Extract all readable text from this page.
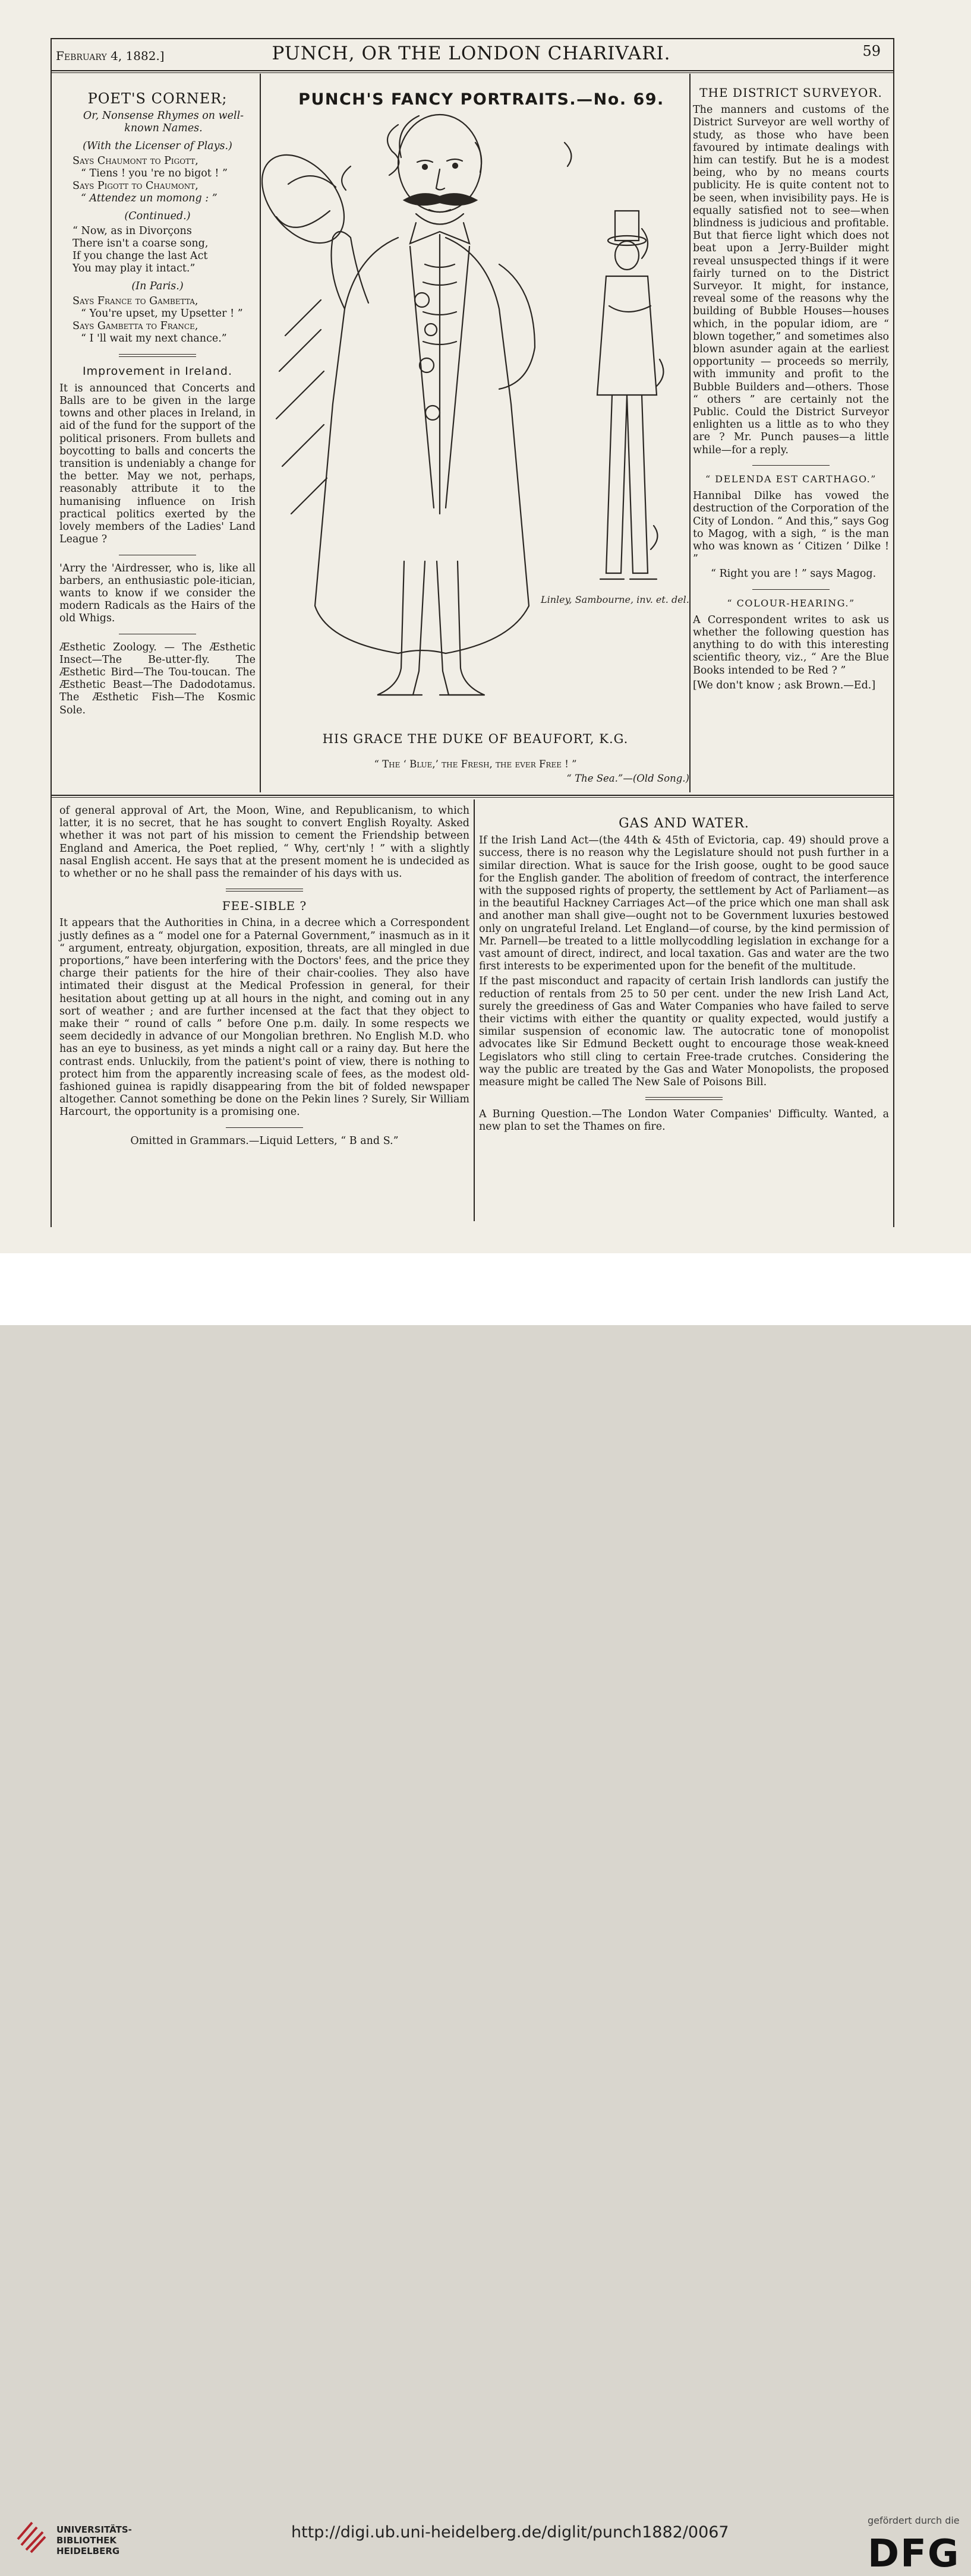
February 4, 1882.]	PUNCH, OR THE LONDON CHARIVARI.	59
POET'S CORNER;

Or, Nonsense Rhymes on well-known Names.

(With the Licenser of Plays.)

Says Chaumont to Pigott,

“ Tiens ! you 're no bigot ! ”

Says Pigott to Chaumont,

“ Attendez un momong : ”

(Continued.)

“ Now, as in Divorçons

There isn't a coarse song,

If you change the last Act

You may play it intact.”

(In Paris.)

Says France to Gambetta,

“ You're upset, my Upsetter ! ”

Says Gambetta to France,

“ I 'll wait my next chance.”

Improvement in Ireland.

It is announced that Concerts and Balls are to be given in the large towns and other places in Ireland, in aid of the fund for the support of the political prisoners. From bullets and boycotting to balls and concerts the transition is undeniably a change for the better. May we not, perhaps, reasonably attribute it to the humanising influence on Irish practical politics exerted by the lovely members of the Ladies' Land League ?

'Arry the 'Airdresser, who is, like all barbers, an enthusiastic pole-itician, wants to know if we consider the modern Radicals as the Hairs of the old Whigs.

Æsthetic Zoology. — The Æsthetic Insect—The Be-utter-fly. The Æsthetic Bird—The Tou-toucan. The Æsthetic Beast—The Dadodotamus. The Æsthetic Fish—The Kosmic Sole.

PUNCH'S FANCY PORTRAITS.—No. 69.
Linley, Sambourne, inv. et. del.
HIS GRACE THE DUKE OF BEAUFORT, K.G.
“ The ‘ Blue,’ the Fresh, the ever Free ! ”
“ The Sea.”—(Old Song.)
THE DISTRICT SURVEYOR.

The manners and customs of the District Surveyor are well worthy of study, as those who have been favoured by intimate dealings with him can testify. But he is a modest being, who by no means courts publicity. He is quite content not to be seen, when invisibility pays. He is equally satisfied not to see—when blindness is judicious and profitable. But that fierce light which does not beat upon a Jerry-Builder might reveal unsuspected things if it were fairly turned on to the District Surveyor. It might, for instance, reveal some of the reasons why the building of Bubble Houses—houses which, in the popular idiom, are “ blown together,” and sometimes also blown asunder again at the earliest opportunity — proceeds so merrily, with immunity and profit to the Bubble Builders and—others. Those “ others ” are certainly not the Public. Could the District Surveyor enlighten us a little as to who they are ? Mr. Punch pauses—a little while—for a reply.

“ DELENDA EST CARTHAGO.”

Hannibal Dilke has vowed the destruction of the Corporation of the City of London. “ And this,” says Gog to Magog, with a sigh, “ is the man who was known as ‘ Citizen ’ Dilke ! ”

“ Right you are ! ” says Magog.

“ COLOUR-HEARING.”

A Correspondent writes to ask us whether the following question has anything to do with this interesting scientific theory, viz., “ Are the Blue Books intended to be Red ? ”

[We don't know ; ask Brown.—Ed.]

of general approval of Art, the Moon, Wine, and Republicanism, to which latter, it is no secret, that he has sought to convert English Royalty. Asked whether it was not part of his mission to cement the Friendship between England and America, the Poet replied, “ Why, cert'nly ! ” with a slightly nasal English accent. He says that at the present moment he is undecided as to whether or no he shall pass the remainder of his days with us.

FEE-SIBLE ?

It appears that the Authorities in China, in a decree which a Correspondent justly defines as a “ model one for a Paternal Government,” inasmuch as in it “ argument, entreaty, objurgation, exposition, threats, are all mingled in due proportions,” have been interfering with the Doctors' fees, and the price they charge their patients for the hire of their chair-coolies. They also have intimated their disgust at the Medical Profession in general, for their hesitation about getting up at all hours in the night, and coming out in any sort of weather ; and are further incensed at the fact that they object to make their “ round of calls ” before One p.m. daily. In some respects we seem decidedly in advance of our Mongolian brethren. No English M.D. who has an eye to business, as yet minds a night call or a rainy day. But here the contrast ends. Unluckily, from the patient's point of view, there is nothing to protect him from the apparently increasing scale of fees, as the modest old-fashioned guinea is rapidly disappearing from the bit of folded newspaper altogether. Cannot something be done on the Pekin lines ? Surely, Sir William Harcourt, the opportunity is a promising one.

Omitted in Grammars.—Liquid Letters, “ B and S.”

GAS AND WATER.

If the Irish Land Act—(the 44th & 45th of Evictoria, cap. 49) should prove a success, there is no reason why the Legislature should not push further in a similar direction. What is sauce for the Irish goose, ought to be good sauce for the English gander. The abolition of freedom of contract, the interference with the supposed rights of property, the settlement by Act of Parliament—as in the beautiful Hackney Carriages Act—of the price which one man shall ask and another man shall give—ought not to be Government luxuries bestowed only on ungrateful Ireland. Let England—of course, by the kind permission of Mr. Parnell—be treated to a little mollycoddling legislation in exchange for a vast amount of direct, indirect, and local taxation. Gas and water are the two first interests to be experimented upon for the benefit of the multitude.

If the past misconduct and rapacity of certain Irish landlords can justify the reduction of rentals from 25 to 50 per cent. under the new Irish Land Act, surely the greediness of Gas and Water Companies who have failed to serve their victims with either the quantity or quality expected, would justify a similar suspension of economic law. The autocratic tone of monopolist advocates like Sir Edmund Beckett ought to encourage those weak-kneed Legislators who still cling to certain Free-trade crutches. Considering the way the public are treated by the Gas and Water Monopolists, the proposed measure might be called The New Sale of Poisons Bill.

A Burning Question.—The London Water Companies' Difficulty. Wanted, a new plan to set the Thames on fire.

UNIVERSITÄTS-
BIBLIOTHEK
HEIDELBERG
http://digi.ub.uni-heidelberg.de/diglit/punch1882/0067
gefördert durch die
DFG
